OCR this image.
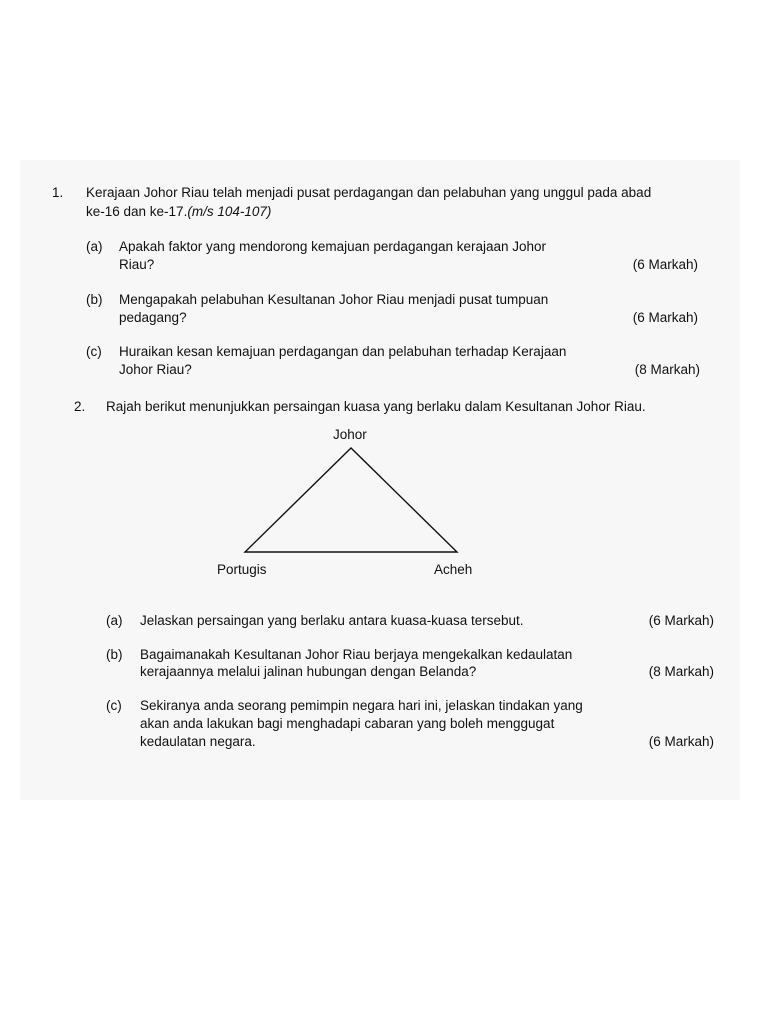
1. Kerajaan Johor Riau telah menjadi pusat perdagangan dan pelabuhan yang unggul pada abad
ke-16 dan ke-17.(m/s 104-107)
(a) Apakah faktor yang mendorong kemajuan perdagangan kerajaan Johor
Riau?	(6 Markah)
(b) Mengapakah pelabuhan Kesultanan Johor Riau menjadi pusat tumpuan
pedagang?	(6 Markah)
(c) Huraikan kesan kemajuan perdagangan dan pelabuhan terhadap Kerajaan
Johor Riau?	(8 Markah)
2. Rajah berikut menunjukkan persaingan kuasa yang berlaku dalam Kesultanan Johor Riau.
Johor
Portugis	Acheh
(a) Jelaskan persaingan yang berlaku antara kuasa-kuasa tersebut.	(6 Markah)
(b) Bagaimanakah Kesultanan Johor Riau berjaya mengekalkan kedaulatan
kerajaannya melalui jalinan hubungan dengan Belanda?	(8 Markah)
(c) Sekiranya anda seorang pemimpin negara hari ini, jelaskan tindakan yang
akan anda lakukan bagi menghadapi cabaran yang boleh menggugat
kedaulatan negara.	(6 Markah)
